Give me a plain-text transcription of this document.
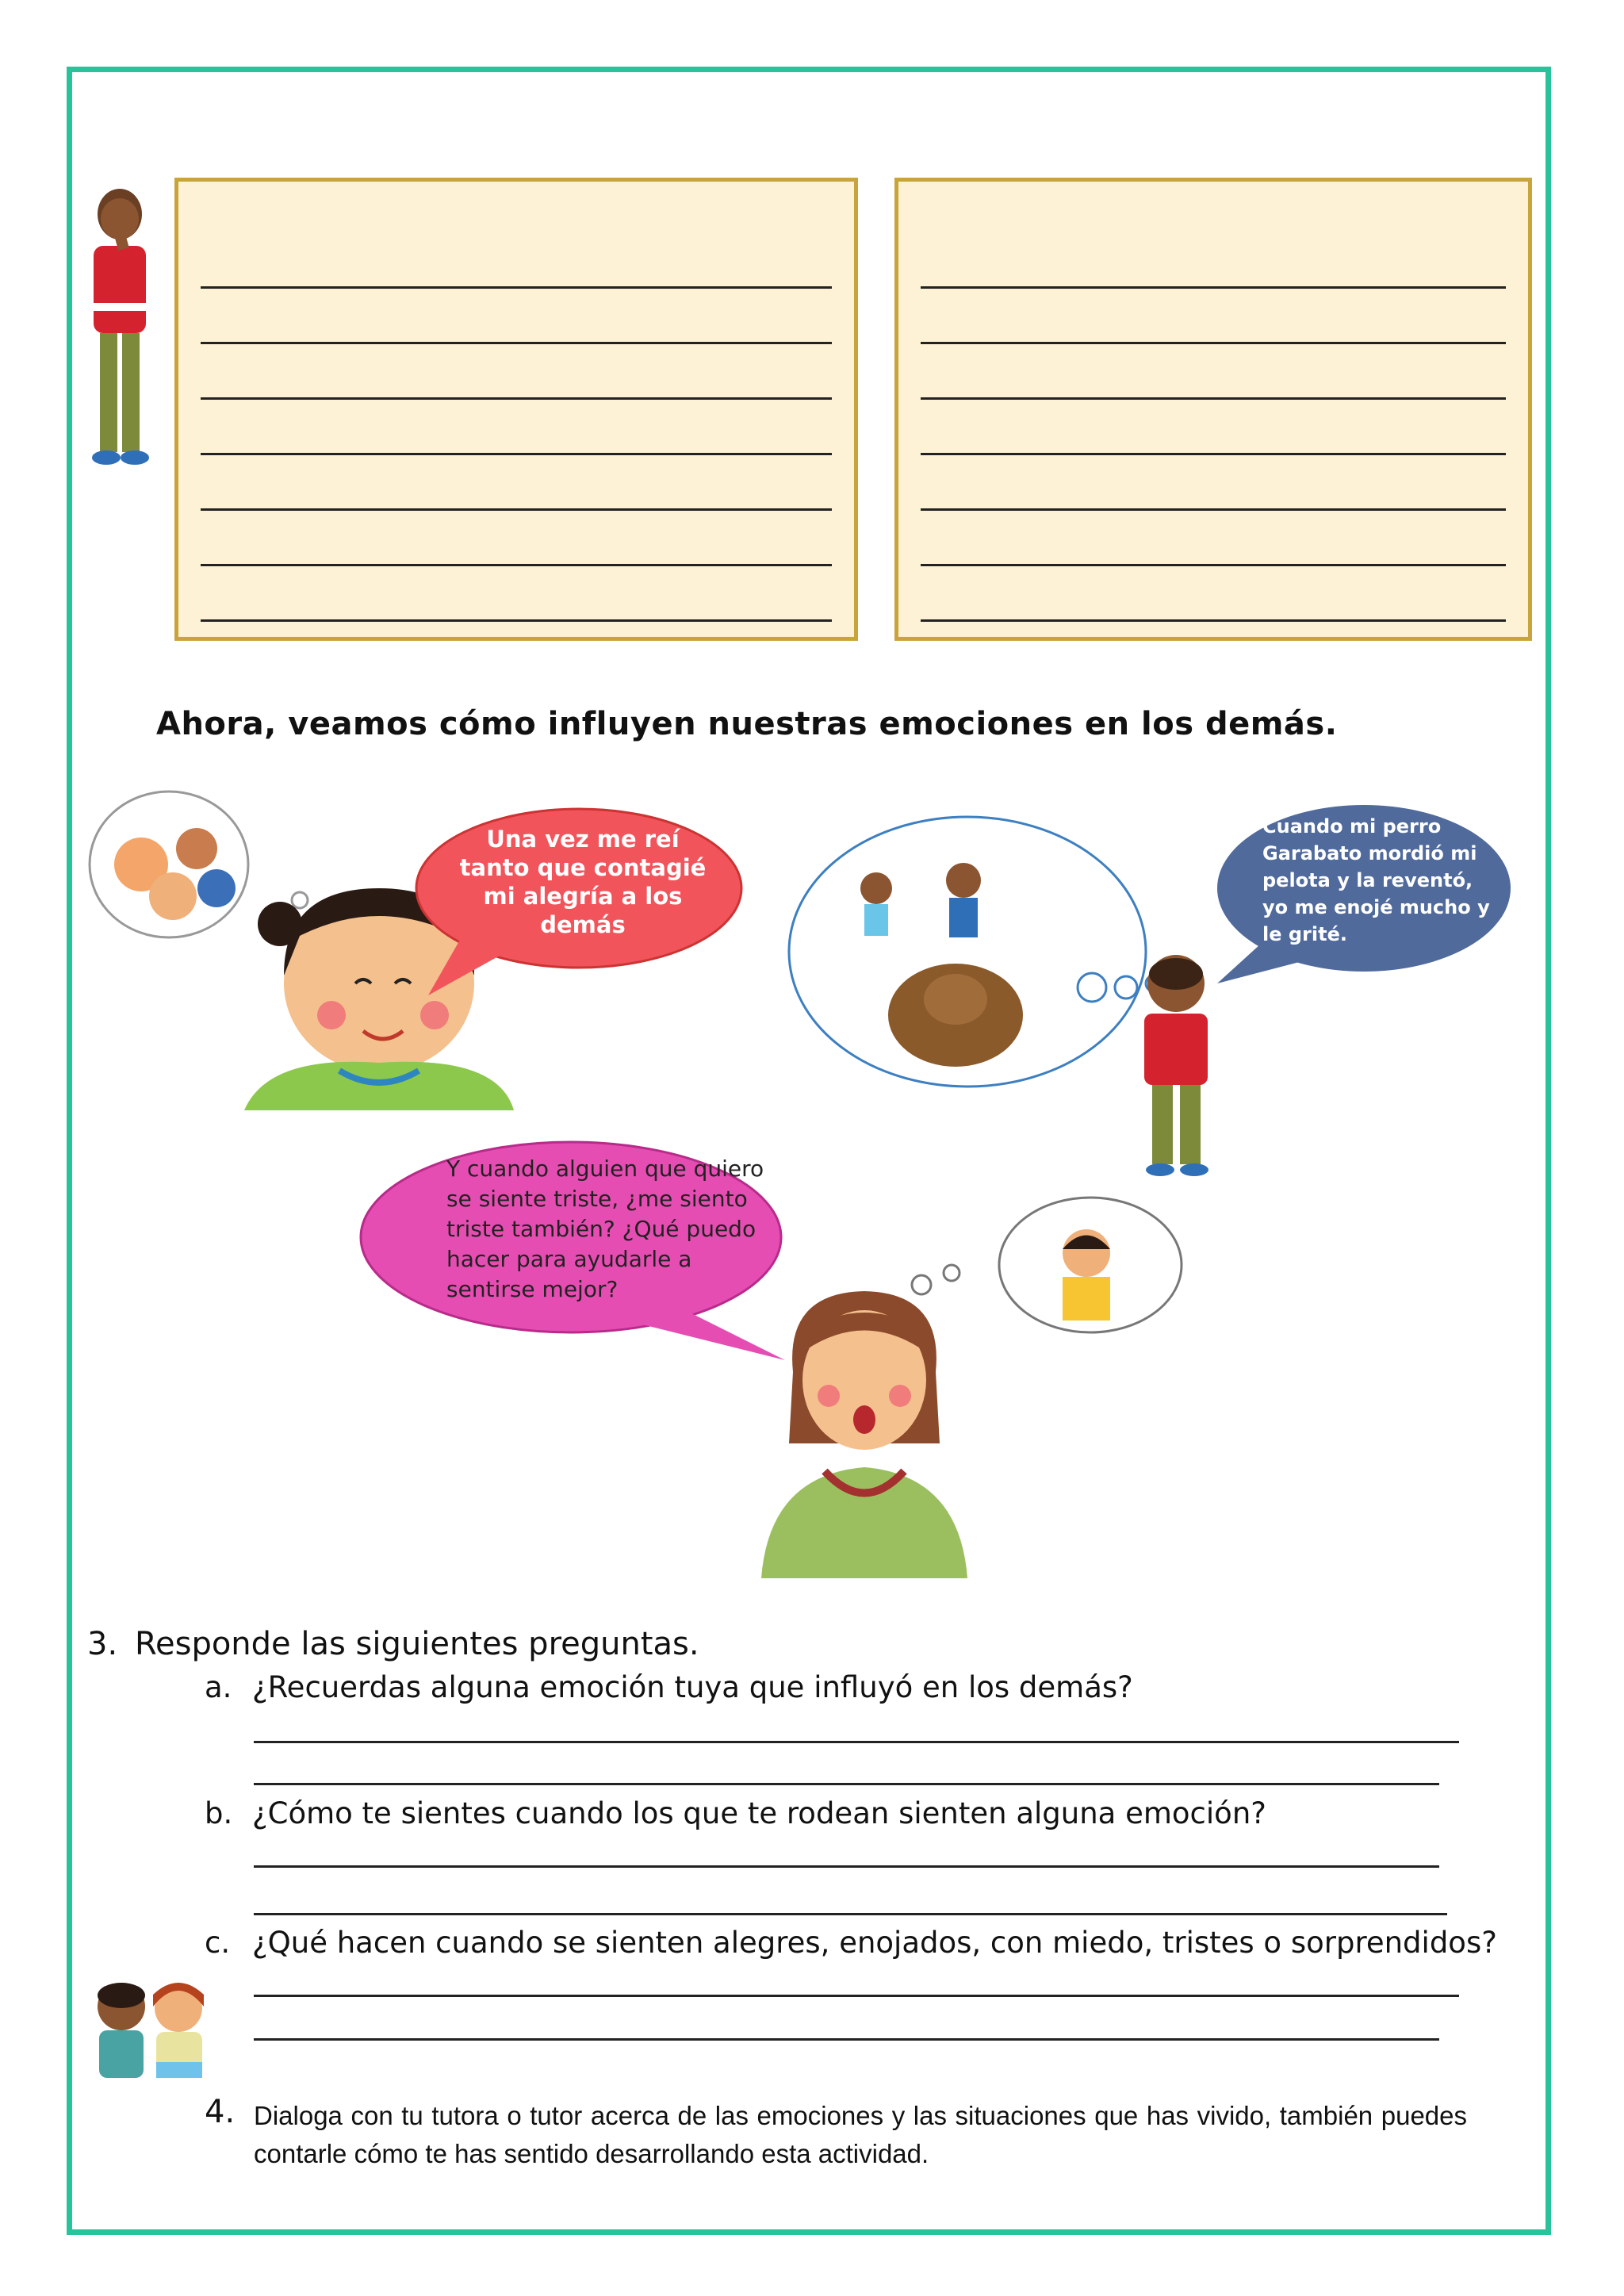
Ahora, veamos cómo influyen nuestras emociones en los demás.
Una vez me reí tanto que contagié mi alegría a los demás
Cuando mi perro Garabato mordió mi pelota y la reventó, yo me enojé mucho y le grité.
Y cuando alguien que quiero se siente triste, ¿me siento triste también? ¿Qué puedo hacer para ayudarle a sentirse mejor?
3. Responde las siguientes preguntas.
a. ¿Recuerdas alguna emoción tuya que influyó en los demás?
b. ¿Cómo te sientes cuando los que te rodean sienten alguna emoción?
c. ¿Qué hacen cuando se sienten alegres, enojados, con miedo, tristes o sorprendidos?
4. Dialoga con tu tutora o tutor acerca de las emociones y las situaciones que has vivido, también puedes contarle cómo te has sentido desarrollando esta actividad.
